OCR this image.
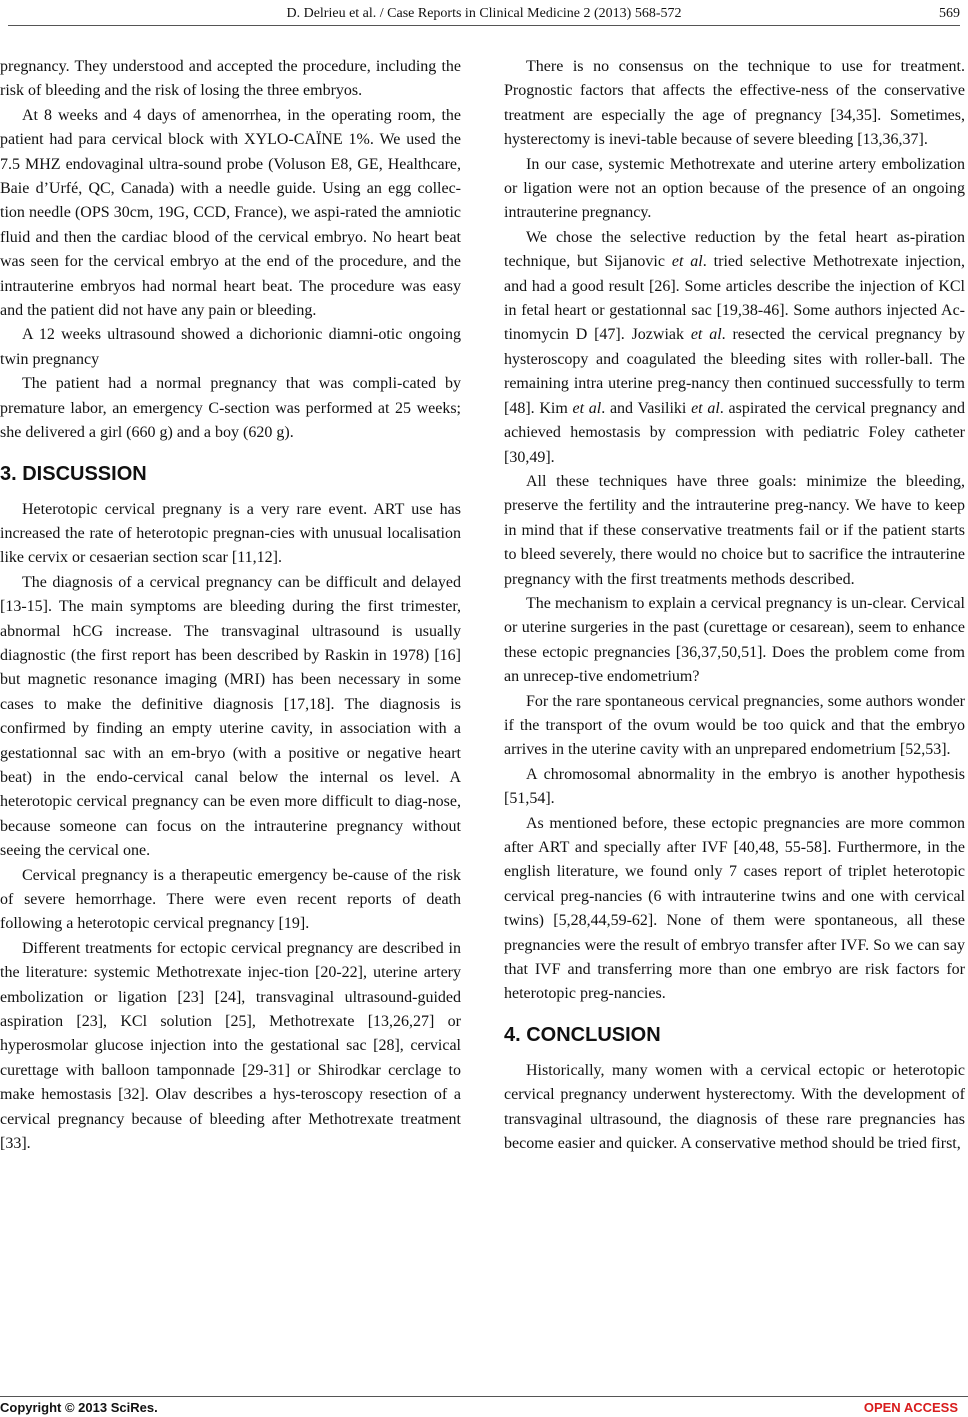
D. Delrieu et al. / Case Reports in Clinical Medicine 2 (2013) 568-572	569

pregnancy. They understood and accepted the procedure, including the risk of bleeding and the risk of losing the three embryos.

At 8 weeks and 4 days of amenorrhea, in the operating room, the patient had para cervical block with XYLO-CAÏNE 1%. We used the 7.5 MHZ endovaginal ultra-sound probe (Voluson E8, GE, Healthcare, Baie d’Urfé, QC, Canada) with a needle guide. Using an egg collec-tion needle (OPS 30cm, 19G, CCD, France), we aspi-rated the amniotic fluid and then the cardiac blood of the cervical embryo. No heart beat was seen for the cervical embryo at the end of the procedure, and the intrauterine embryos had normal heart beat. The procedure was easy and the patient did not have any pain or bleeding.

A 12 weeks ultrasound showed a dichorionic diamni-otic ongoing twin pregnancy

The patient had a normal pregnancy that was compli-cated by premature labor, an emergency C-section was performed at 25 weeks; she delivered a girl (660 g) and a boy (620 g).

3. DISCUSSION

Heterotopic cervical pregnany is a very rare event. ART use has increased the rate of heterotopic pregnan-cies with unusual localisation like cervix or cesaerian section scar [11,12].

The diagnosis of a cervical pregnancy can be difficult and delayed [13-15]. The main symptoms are bleeding during the first trimester, abnormal hCG increase. The transvaginal ultrasound is usually diagnostic (the first report has been described by Raskin in 1978) [16] but magnetic resonance imaging (MRI) has been necessary in some cases to make the definitive diagnosis [17,18]. The diagnosis is confirmed by finding an empty uterine cavity, in association with a gestationnal sac with an em-bryo (with a positive or negative heart beat) in the endo-cervical canal below the internal os level. A heterotopic cervical pregnancy can be even more difficult to diag-nose, because someone can focus on the intrauterine pregnancy without seeing the cervical one.

Cervical pregnancy is a therapeutic emergency be-cause of the risk of severe hemorrhage. There were even recent reports of death following a heterotopic cervical pregnancy [19].

Different treatments for ectopic cervical pregnancy are described in the literature: systemic Methotrexate injec-tion [20-22], uterine artery embolization or ligation [23] [24], transvaginal ultrasound-guided aspiration [23], KCl solution [25], Methotrexate [13,26,27] or hyperosmolar glucose injection into the gestational sac [28], cervical curettage with balloon tamponnade [29-31] or Shirodkar cerclage to make hemostasis [32]. Olav describes a hys-teroscopy resection of a cervical pregnancy because of bleeding after Methotrexate treatment [33].

There is no consensus on the technique to use for treatment. Prognostic factors that affects the effective-ness of the conservative treatment are especially the age of pregnancy [34,35]. Sometimes, hysterectomy is inevi-table because of severe bleeding [13,36,37].

In our case, systemic Methotrexate and uterine artery embolization or ligation were not an option because of the presence of an ongoing intrauterine pregnancy.

We chose the selective reduction by the fetal heart as-piration technique, but Sijanovic et al. tried selective Methotrexate injection, and had a good result [26]. Some articles describe the injection of KCl in fetal heart or gestationnal sac [19,38-46]. Some authors injected Ac-tinomycin D [47]. Jozwiak et al. resected the cervical pregnancy by hysteroscopy and coagulated the bleeding sites with roller-ball. The remaining intra uterine preg-nancy then continued successfully to term [48]. Kim et al. and Vasiliki et al. aspirated the cervical pregnancy and achieved hemostasis by compression with pediatric Foley catheter [30,49].

All these techniques have three goals: minimize the bleeding, preserve the fertility and the intrauterine preg-nancy. We have to keep in mind that if these conservative treatments fail or if the patient starts to bleed severely, there would no choice but to sacrifice the intrauterine pregnancy with the first treatments methods described.

The mechanism to explain a cervical pregnancy is un-clear. Cervical or uterine surgeries in the past (curettage or cesarean), seem to enhance these ectopic pregnancies [36,37,50,51]. Does the problem come from an unrecep-tive endometrium?

For the rare spontaneous cervical pregnancies, some authors wonder if the transport of the ovum would be too quick and that the embryo arrives in the uterine cavity with an unprepared endometrium [52,53].

A chromosomal abnormality in the embryo is another hypothesis [51,54].

As mentioned before, these ectopic pregnancies are more common after ART and specially after IVF [40,48, 55-58]. Furthermore, in the english literature, we found only 7 cases report of triplet heterotopic cervical preg-nancies (6 with intrauterine twins and one with cervical twins) [5,28,44,59-62]. None of them were spontaneous, all these pregnancies were the result of embryo transfer after IVF. So we can say that IVF and transferring more than one embryo are risk factors for heterotopic preg-nancies.

4. CONCLUSION

Historically, many women with a cervical ectopic or heterotopic cervical pregnancy underwent hysterectomy. With the development of transvaginal ultrasound, the diagnosis of these rare pregnancies has become easier and quicker. A conservative method should be tried first,

Copyright © 2013 SciRes.	OPEN ACCESS
